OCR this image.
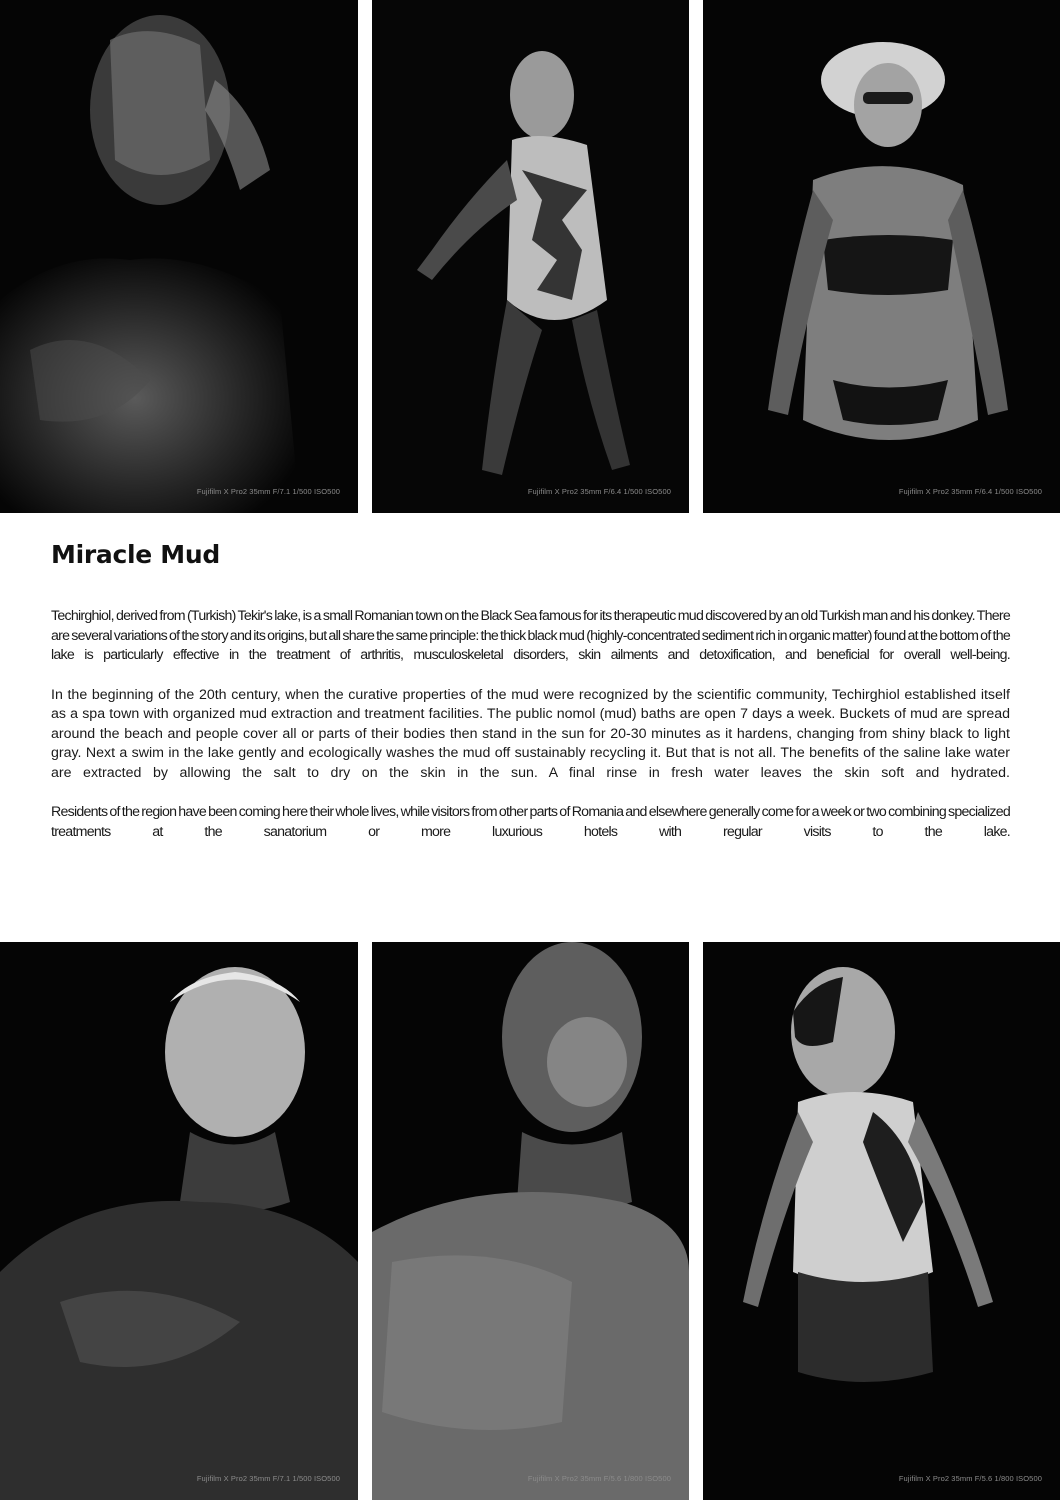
Fujifilm X Pro2 35mm F/7.1 1/500 ISO500	Fujifilm X Pro2 35mm F/6.4 1/500 ISO500	Fujifilm X Pro2 35mm F/6.4 1/500 ISO500
Miracle Mud

Techirghiol, derived from (Turkish) Tekir's lake, is a small Romanian town on the Black Sea famous for its therapeutic mud discovered by an old Turkish man and his donkey. There are several variations of the story and its origins, but all share the same principle: the thick black mud (highly-concentrated sediment rich in organic matter) found at the bottom of the lake is particularly effective in the treatment of arthritis, musculoskeletal disorders, skin ailments and detoxification, and beneficial for overall well-being.

In the beginning of the 20th century, when the curative properties of the mud were recognized by the scientific community, Techirghiol established itself as a spa town with organized mud extraction and treatment facilities. The public nomol (mud) baths are open 7 days a week. Buckets of mud are spread around the beach and people cover all or parts of their bodies then stand in the sun for 20-30 minutes as it hardens, changing from shiny black to light gray. Next a swim in the lake gently and ecologically washes the mud off sustainably recycling it. But that is not all. The benefits of the saline lake water are extracted by allowing the salt to dry on the skin in the sun. A final rinse in fresh water leaves the skin soft and hydrated.

Residents of the region have been coming here their whole lives, while visitors from other parts of Romania and elsewhere generally come for a week or two combining specialized treatments at the sanatorium or more luxurious hotels with regular visits to the lake.

Fujifilm X Pro2 35mm F/7.1 1/500 ISO500	Fujifilm X Pro2 35mm F/5.6 1/800 ISO500	Fujifilm X Pro2 35mm F/5.6 1/800 ISO500
